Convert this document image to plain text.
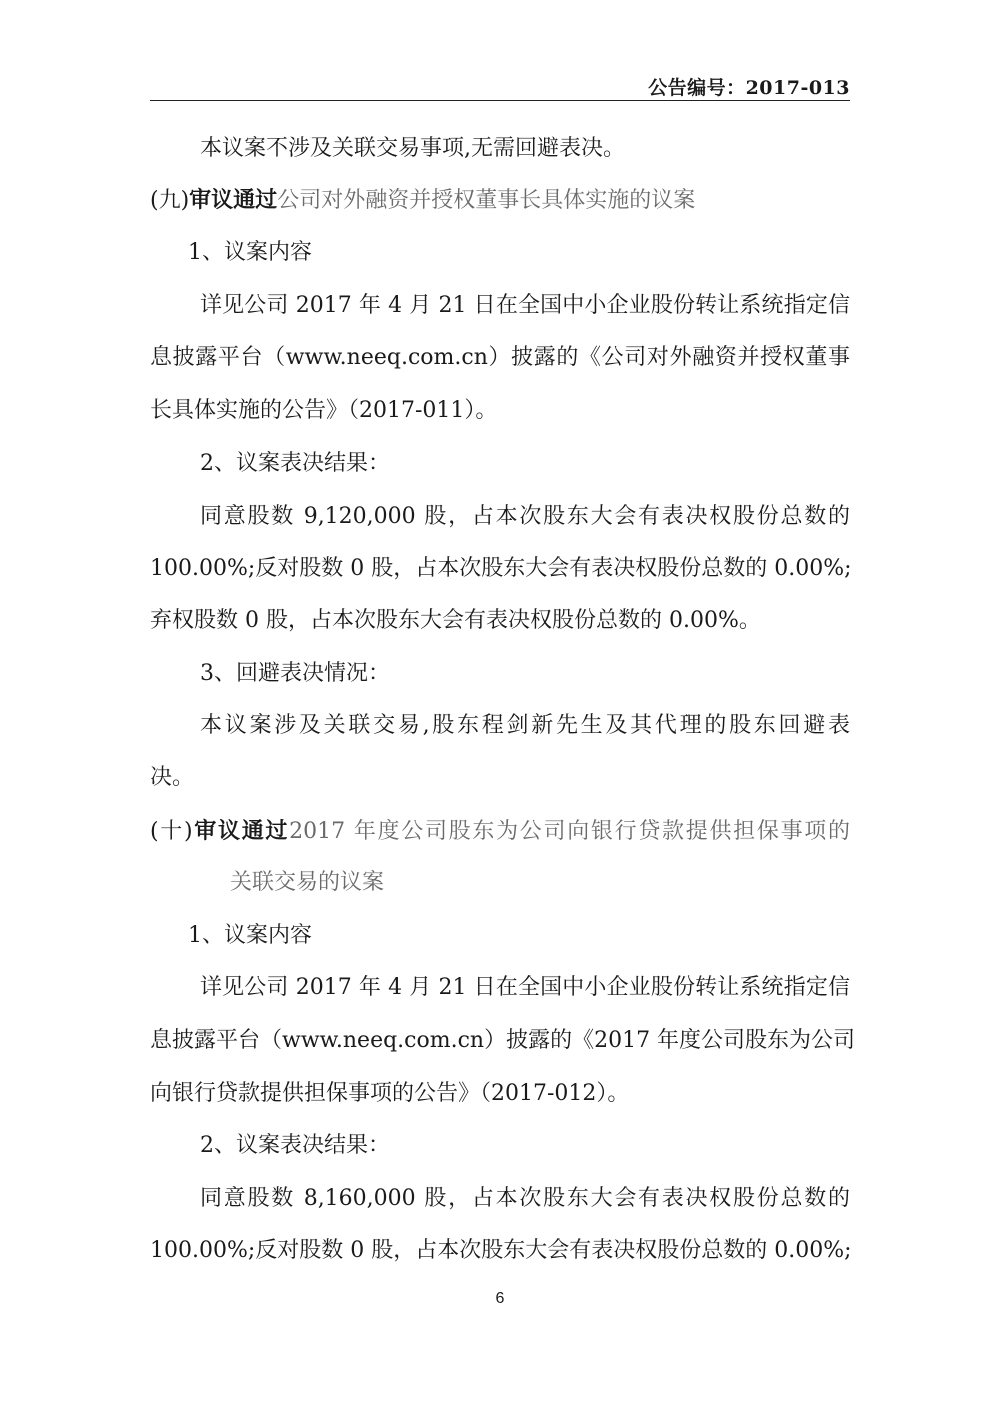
公告编号：2017-013
本议案不涉及关联交易事项,无需回避表决。
(九)审议通过公司对外融资并授权董事长具体实施的议案
1、议案内容
详见公司 2017 年 4 月 21 日在全国中小企业股份转让系统指定信
息披露平台（www.neeq.com.cn）披露的《公司对外融资并授权董事
长具体实施的公告》（2017-011）。
2、议案表决结果：
同意股数 9,120,000 股，占本次股东大会有表决权股份总数的
100.00%;反对股数 0 股，占本次股东大会有表决权股份总数的 0.00%;
弃权股数 0 股，占本次股东大会有表决权股份总数的 0.00%。
3、回避表决情况：
本议案涉及关联交易,股东程剑新先生及其代理的股东回避表
决。
(十)审议通过2017 年度公司股东为公司向银行贷款提供担保事项的
关联交易的议案
1、议案内容
详见公司 2017 年 4 月 21 日在全国中小企业股份转让系统指定信
息披露平台（www.neeq.com.cn）披露的《2017 年度公司股东为公司
向银行贷款提供担保事项的公告》（2017-012）。
2、议案表决结果：
同意股数 8,160,000 股，占本次股东大会有表决权股份总数的
100.00%;反对股数 0 股，占本次股东大会有表决权股份总数的 0.00%;
6
